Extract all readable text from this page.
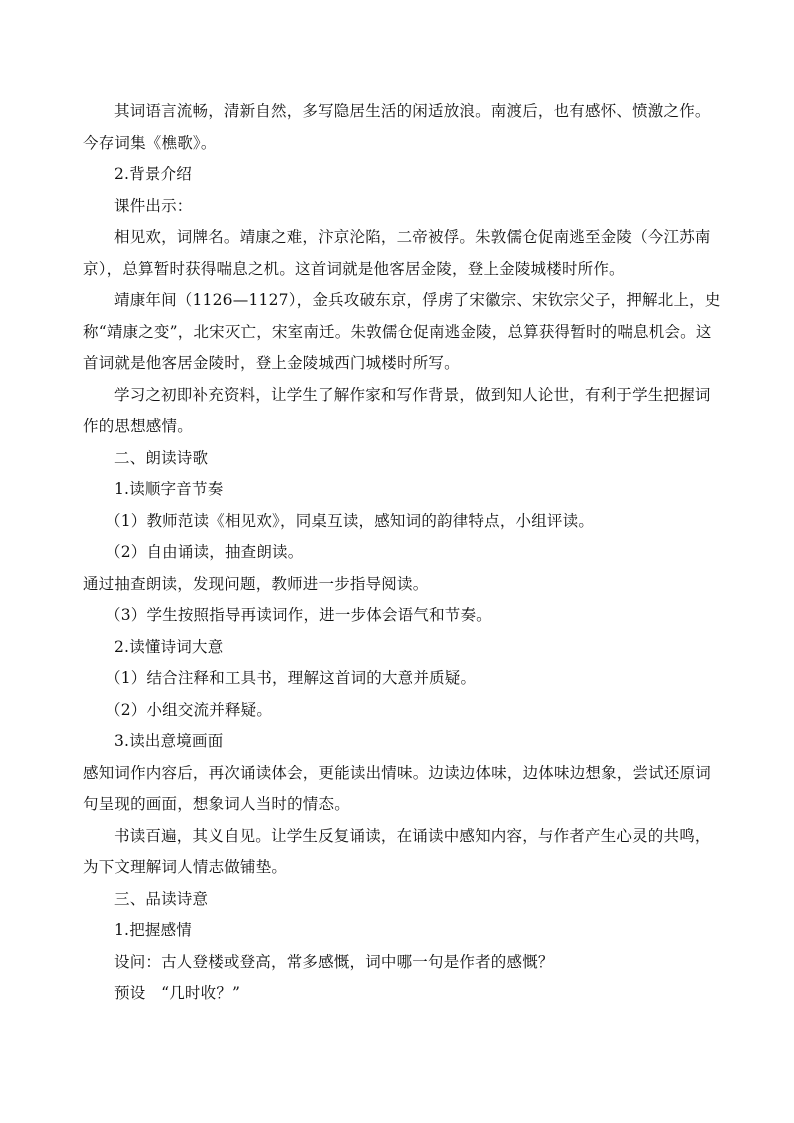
其词语言流畅，清新自然，多写隐居生活的闲适放浪。南渡后，也有感怀、愤激之作。今存词集《樵歌》。

2.背景介绍

课件出示：

相见欢，词牌名。靖康之难，汴京沦陷，二帝被俘。朱敦儒仓促南逃至金陵（今江苏南京），总算暂时获得喘息之机。这首词就是他客居金陵，登上金陵城楼时所作。

靖康年间（1126—1127），金兵攻破东京，俘虏了宋徽宗、宋钦宗父子，押解北上，史称“靖康之变”，北宋灭亡，宋室南迁。朱敦儒仓促南逃金陵，总算获得暂时的喘息机会。这首词就是他客居金陵时，登上金陵城西门城楼时所写。

学习之初即补充资料，让学生了解作家和写作背景，做到知人论世，有利于学生把握词作的思想感情。

二、朗读诗歌

1.读顺字音节奏

（1）教师范读《相见欢》，同桌互读，感知词的韵律特点，小组评读。

（2）自由诵读，抽查朗读。

通过抽查朗读，发现问题，教师进一步指导阅读。

（3）学生按照指导再读词作，进一步体会语气和节奏。

2.读懂诗词大意

（1）结合注释和工具书，理解这首词的大意并质疑。

（2）小组交流并释疑。

3.读出意境画面

感知词作内容后，再次诵读体会，更能读出情味。边读边体味，边体味边想象，尝试还原词句呈现的画面，想象词人当时的情态。

书读百遍，其义自见。让学生反复诵读，在诵读中感知内容，与作者产生心灵的共鸣，为下文理解词人情志做铺垫。

三、品读诗意

1.把握感情

设问：古人登楼或登高，常多感慨，词中哪一句是作者的感慨？

预设　“几时收？”
